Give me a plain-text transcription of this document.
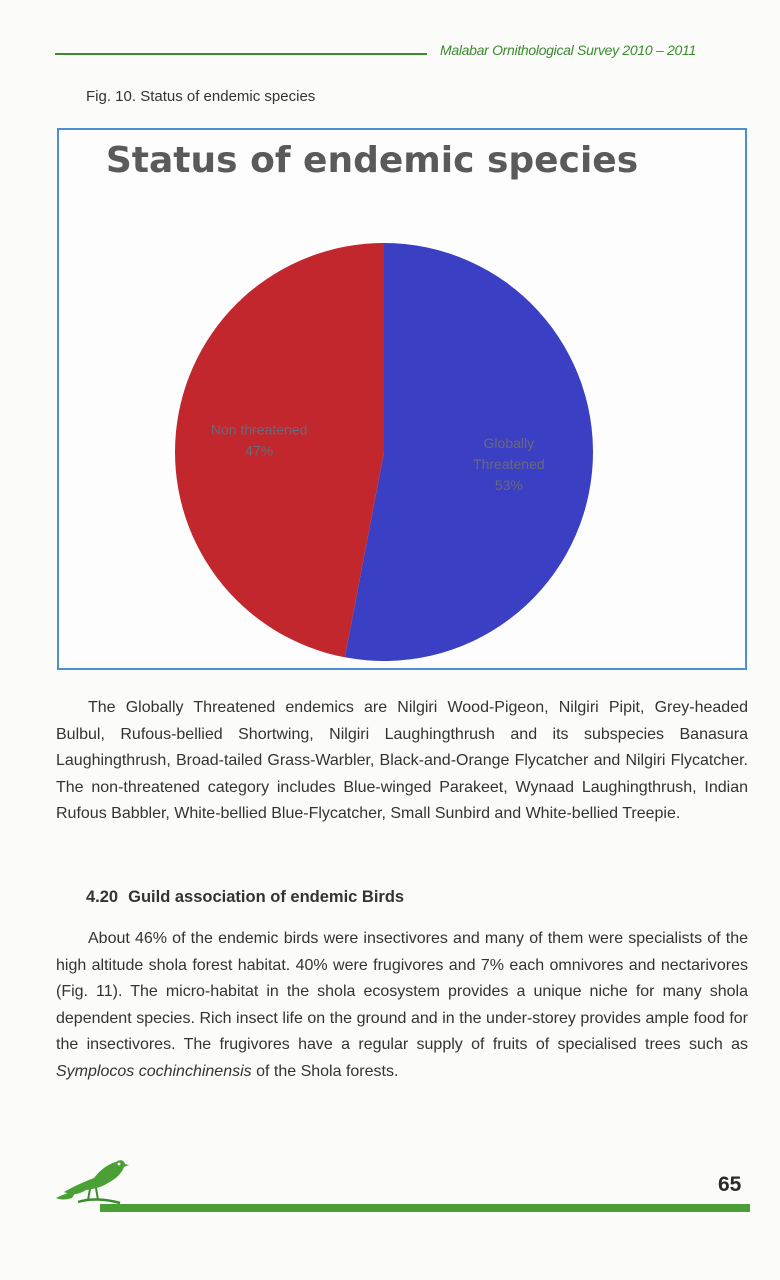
Malabar Ornithological Survey 2010 – 2011
Fig. 10. Status of endemic species
Status of endemic species
Globally Threatened 53%
Non threatened 47%

The Globally Threatened endemics are Nilgiri Wood-Pigeon, Nilgiri Pipit, Grey-headed Bulbul, Rufous-bellied Shortwing, Nilgiri Laughingthrush and its subspecies Banasura Laughingthrush, Broad-tailed Grass-Warbler, Black-and-Orange Flycatcher and Nilgiri Flycatcher. The non-threatened category includes Blue-winged Parakeet, Wynaad Laughingthrush, Indian Rufous Babbler, White-bellied Blue-Flycatcher, Small Sunbird and White-bellied Treepie.

4.20 Guild association of endemic Birds

About 46% of the endemic birds were insectivores and many of them were specialists of the high altitude shola forest habitat. 40% were frugivores and 7% each omnivores and nectarivores (Fig. 11). The micro-habitat in the shola ecosystem provides a unique niche for many shola dependent species. Rich insect life on the ground and in the under-storey provides ample food for the insectivores. The frugivores have a regular supply of fruits of specialised trees such as Symplocos cochinchinensis of the Shola forests.

65
